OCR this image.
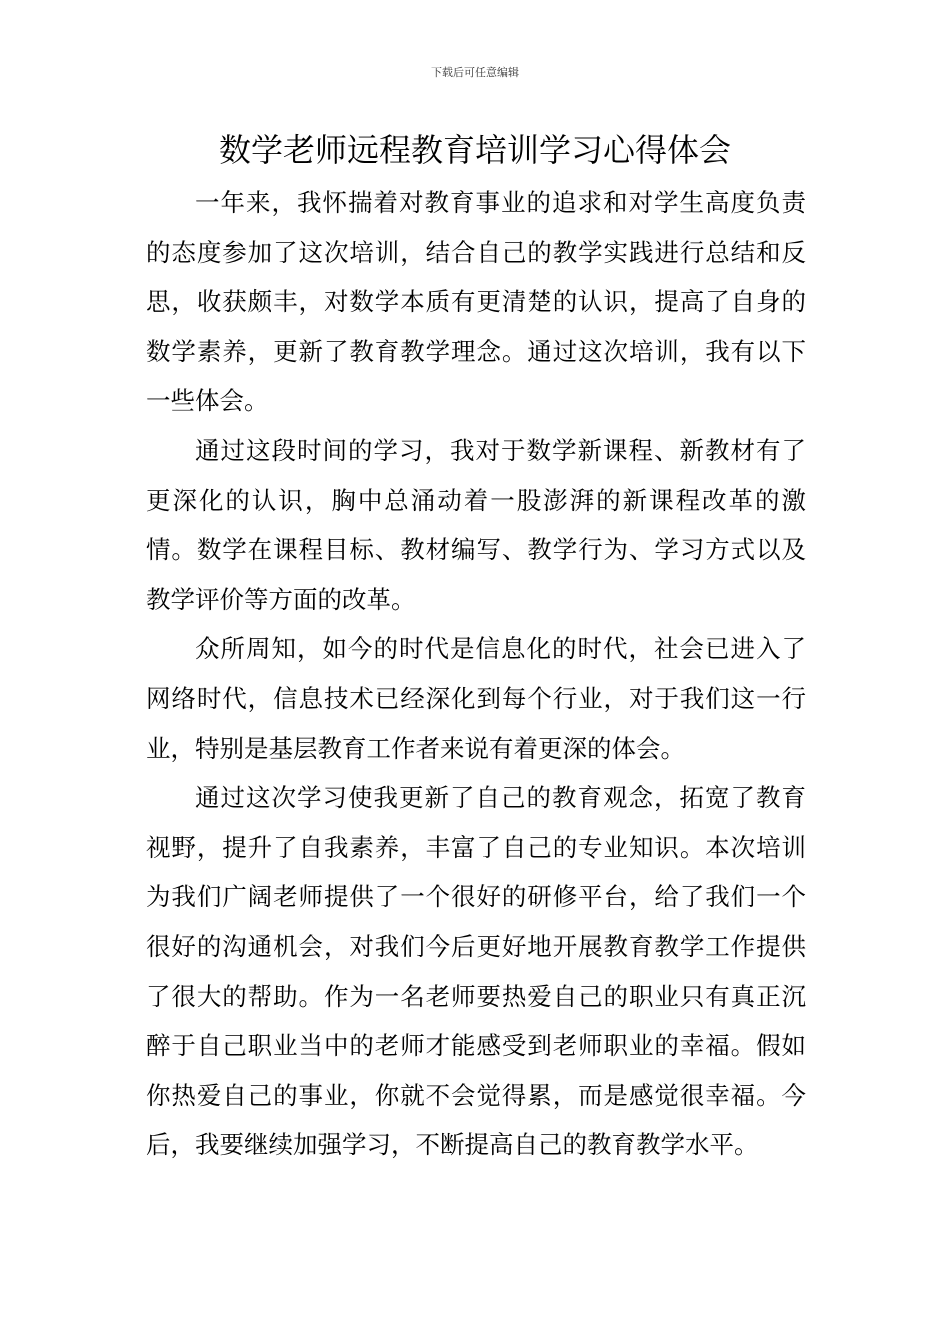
下载后可任意编辑
数学老师远程教育培训学习心得体会

一年来，我怀揣着对教育事业的追求和对学生高度负责的态度参加了这次培训，结合自己的教学实践进行总结和反思，收获颇丰，对数学本质有更清楚的认识，提高了自身的数学素养，更新了教育教学理念。通过这次培训，我有以下一些体会。

通过这段时间的学习，我对于数学新课程、新教材有了更深化的认识，胸中总涌动着一股澎湃的新课程改革的激情。数学在课程目标、教材编写、教学行为、学习方式以及教学评价等方面的改革。

众所周知，如今的时代是信息化的时代，社会已进入了网络时代，信息技术已经深化到每个行业，对于我们这一行业，特别是基层教育工作者来说有着更深的体会。

通过这次学习使我更新了自己的教育观念，拓宽了教育视野，提升了自我素养，丰富了自己的专业知识。本次培训为我们广阔老师提供了一个很好的研修平台，给了我们一个很好的沟通机会，对我们今后更好地开展教育教学工作提供了很大的帮助。作为一名老师要热爱自己的职业只有真正沉醉于自己职业当中的老师才能感受到老师职业的幸福。假如你热爱自己的事业，你就不会觉得累，而是感觉很幸福。今后，我要继续加强学习，不断提高自己的教育教学水平。
